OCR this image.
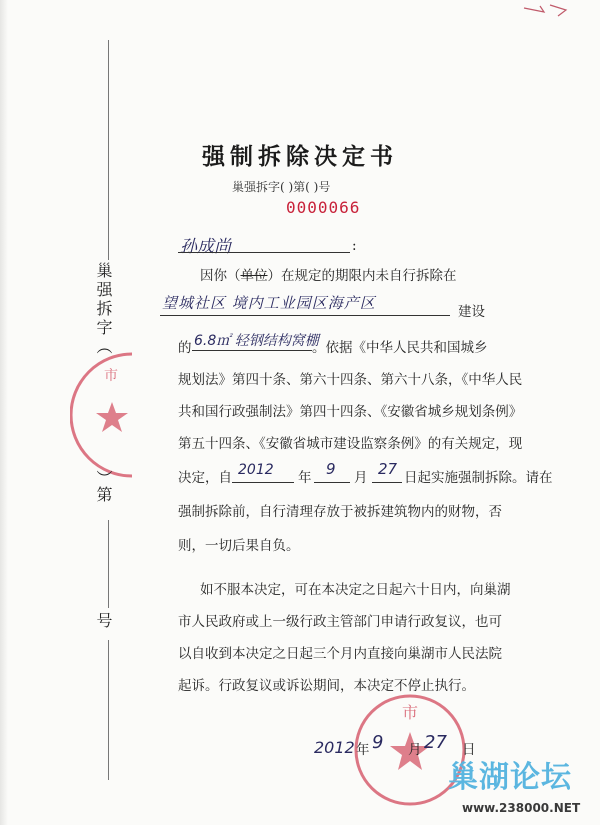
强制拆除决定书
巢强拆字( )第( )号
0000066
孙成尚	:
因你（单位）在规定的期限内未自行拆除在
望城社区 境内工业园区海产区	建设
的 6.8㎡ 轻钢结构窝棚
。依据《中华人民共和国城乡
规划法》第四十条、第六十四条、第六十八条，《中华人民
共和国行政强制法》第四十四条、《安徽省城乡规划条例》
第五十四条、《安徽省城市建设监察条例》的有关规定，现
决定，自 2012 年 9 月 27 日起实施强制拆除。请在
强制拆除前，自行清理存放于被拆建筑物内的财物，否
则，一切后果自负。
如不服本决定，可在本决定之日起六十日内，向巢湖
市人民政府或上一级行政主管部门申请行政复议，也可
以自收到本决定之日起三个月内直接向巢湖市人民法院
起诉。行政复议或诉讼期间，本决定不停止执行。
市
2012 年 9 月 27 日
巢强拆字（
市
）第
号
巢湖论坛
www.238000.NET
